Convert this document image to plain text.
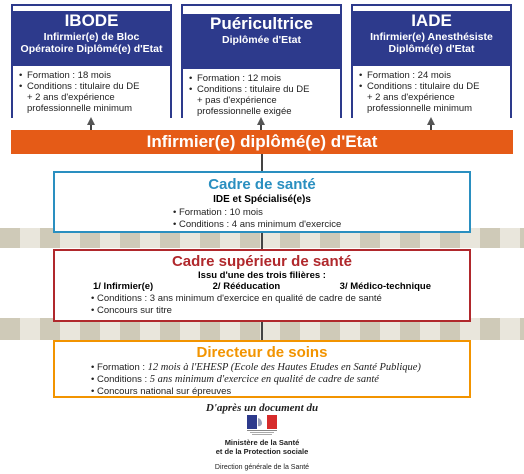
IBODE
Infirmier(e) de Bloc
Opératoire Diplômé(e) d'Etat
• Formation : 18 mois
• Conditions : titulaire du DE
+ 2 ans d'expérience
professionnelle minimum
Puéricultrice
Diplômée d'Etat
• Formation : 12 mois
• Conditions : titulaire du DE
+ pas d'expérience
professionnelle exigée
IADE
Infirmier(e) Anesthésiste
Diplômé(e) d'Etat
• Formation : 24 mois
• Conditions : titulaire du DE
+ 2 ans d'expérience
professionnelle minimum
Infirmier(e) diplômé(e) d'Etat
Cadre de santé
IDE et Spécialisé(e)s
• Formation : 10 mois
• Conditions : 4 ans minimum d'exercice
Cadre supérieur de santé
Issu d'une des trois filières :
1/ Infirmier(e)	2/ Rééducation	3/ Médico-technique
• Conditions : 3 ans minimum d'exercice en qualité de cadre de santé
• Concours sur titre
Directeur de soins
• Formation : 12 mois à l'EHESP (Ecole des Hautes Etudes en Santé Publique)
• Conditions : 5 ans minimum d'exercice en qualité de cadre de santé
• Concours national sur épreuves
D'après un document du
Ministère de la Santé
et de la Protection sociale
Direction générale de la Santé
